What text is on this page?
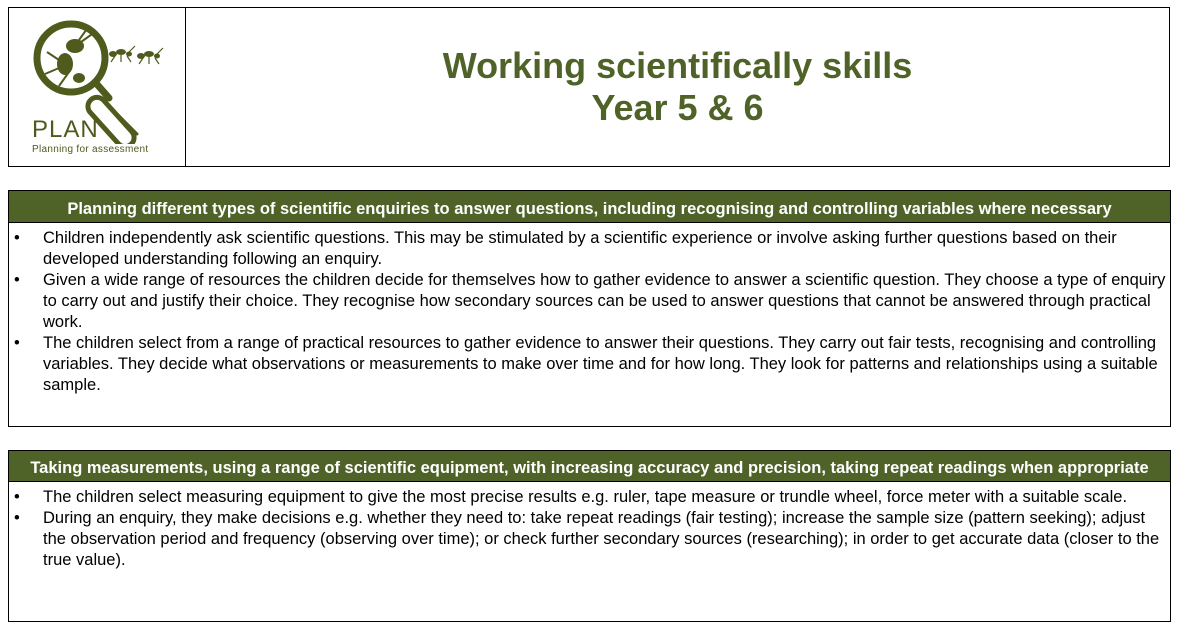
PLAN
Planning for assessment
Working scientifically skills
Year 5 & 6
Planning different types of scientific enquiries to answer questions, including recognising and controlling variables where necessary
• Children independently ask scientific questions. This may be stimulated by a scientific experience or involve asking further questions based on their developed understanding following an enquiry.
• Given a wide range of resources the children decide for themselves how to gather evidence to answer a scientific question. They choose a type of enquiry to carry out and justify their choice. They recognise how secondary sources can be used to answer questions that cannot be answered through practical work.
• The children select from a range of practical resources to gather evidence to answer their questions. They carry out fair tests, recognising and controlling variables. They decide what observations or measurements to make over time and for how long. They look for patterns and relationships using a suitable sample.
Taking measurements, using a range of scientific equipment, with increasing accuracy and precision, taking repeat readings when appropriate
• The children select measuring equipment to give the most precise results e.g. ruler, tape measure or trundle wheel, force meter with a suitable scale.
• During an enquiry, they make decisions e.g. whether they need to: take repeat readings (fair testing); increase the sample size (pattern seeking); adjust the observation period and frequency (observing over time); or check further secondary sources (researching); in order to get accurate data (closer to the true value).
